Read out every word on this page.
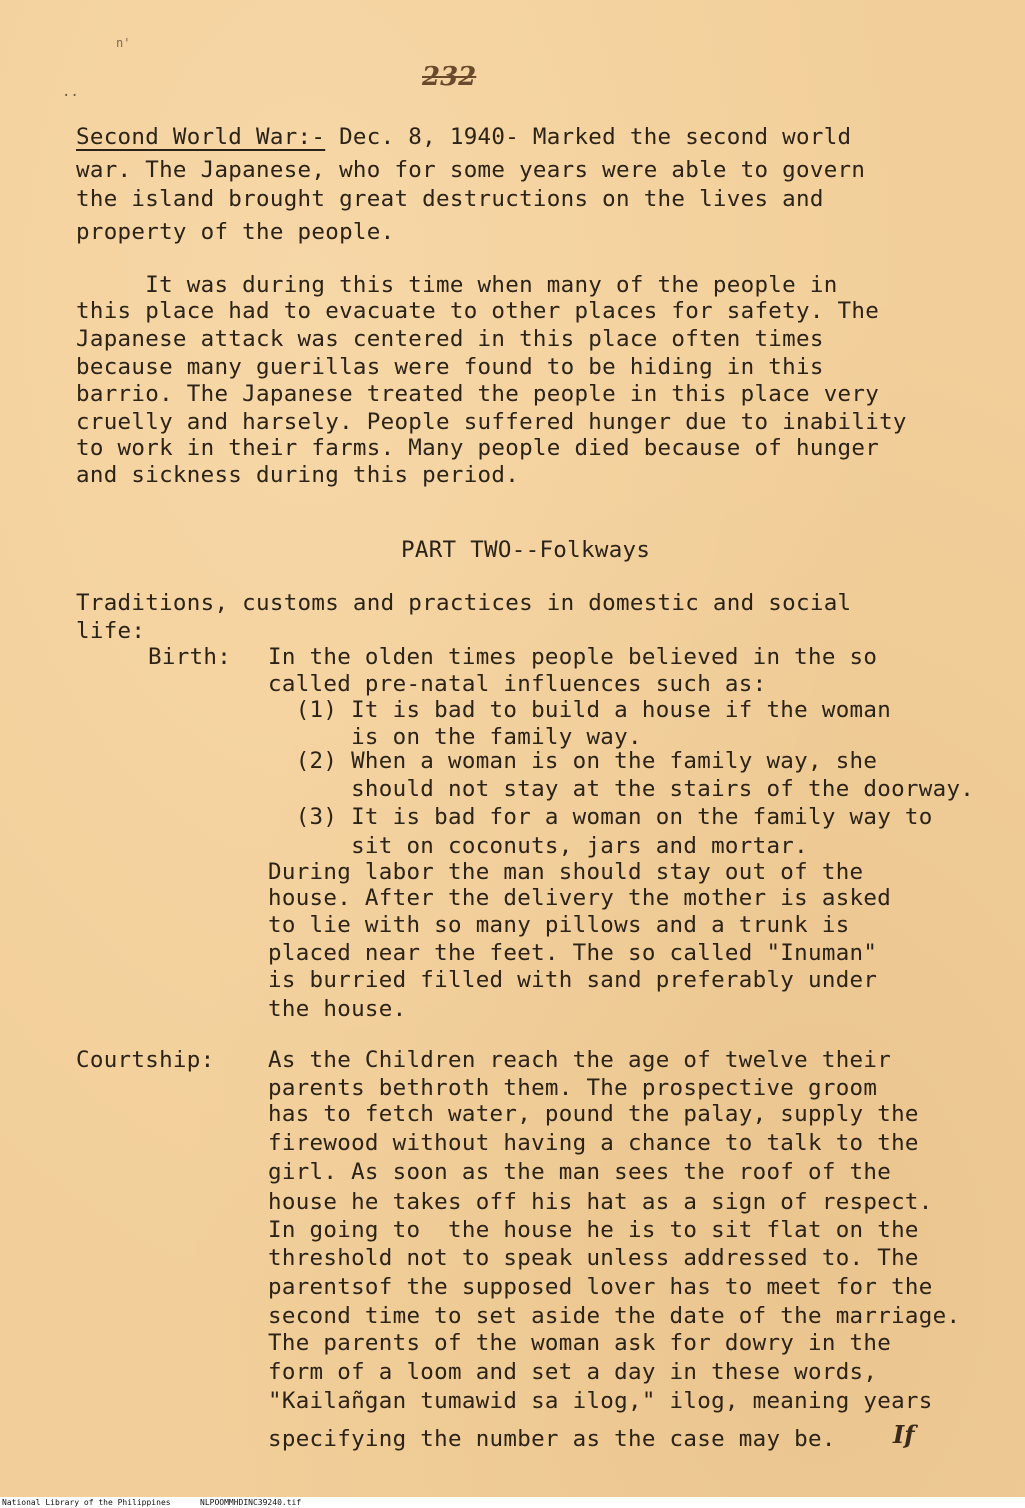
n'
232
..
Second World War:- Dec. 8, 1940- Marked the second world
war. The Japanese, who for some years were able to govern
the island brought great destructions on the lives and
property of the people.
It was during this time when many of the people in
this place had to evacuate to other places for safety. The
Japanese attack was centered in this place often times
because many guerillas were found to be hiding in this
barrio. The Japanese treated the people in this place very
cruelly and harsely. People suffered hunger due to inability
to work in their farms. Many people died because of hunger
and sickness during this period.
PART TWO--Folkways
Traditions, customs and practices in domestic and social
life:
Birth: In the olden times people believed in the so
called pre-natal influences such as:
(1) It is bad to build a house if the woman
is on the family way.
(2) When a woman is on the family way, she
should not stay at the stairs of the doorway.
(3) It is bad for a woman on the family way to
sit on coconuts, jars and mortar.
During labor the man should stay out of the
house. After the delivery the mother is asked
to lie with so many pillows and a trunk is
placed near the feet. The so called "Inuman"
is burried filled with sand preferably under
the house.
Courtship: As the Children reach the age of twelve their
parents bethroth them. The prospective groom
has to fetch water, pound the palay, supply the
firewood without having a chance to talk to the
girl. As soon as the man sees the roof of the
house he takes off his hat as a sign of respect.
In going to  the house he is to sit flat on the
threshold not to speak unless addressed to. The
parentsof the supposed lover has to meet for the
second time to set aside the date of the marriage.
The parents of the woman ask for dowry in the
form of a loom and set a day in these words,
"Kailañgan tumawid sa ilog," ilog, meaning years
specifying the number as the case may be. If
National Library of the Philippines	NLPOOMMHDINC39240.tif
